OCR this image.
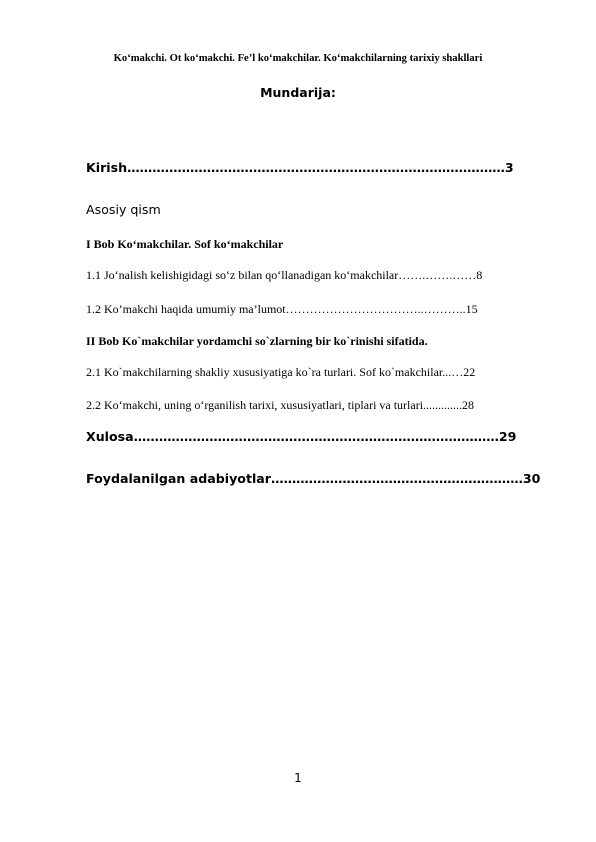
Ko‘makchi. Ot ko‘makchi. Fe’l ko‘makchilar. Ko‘makchilarning tarixiy shakllari
Mundarija:
Kirish………………………………………………………………………………3
Asosiy qism
I Bob Ko‘makchilar. Sof ko‘makchilar
1.1 Jo‘nalish kelishigidagi so‘z bilan qo‘llanadigan ko‘makchilar…….…….……8
1.2 Ko’makchi haqida umumiy ma’lumot……………………………..………..15
II Bob Ko`makchilar yordamchi so`zlarning bir ko`rinishi sifatida.
2.1 Ko`makchilarning shakliy xususiyatiga ko`ra turlari. Sof ko`makchilar...…22
2.2 Ko‘makchi, uning o‘rganilish tarixi, xususiyatlari, tiplari va turlari.............28
Xulosa……………………………………………………………………………29
Foydalanilgan adabiyotlar……………………………………………………30
1
